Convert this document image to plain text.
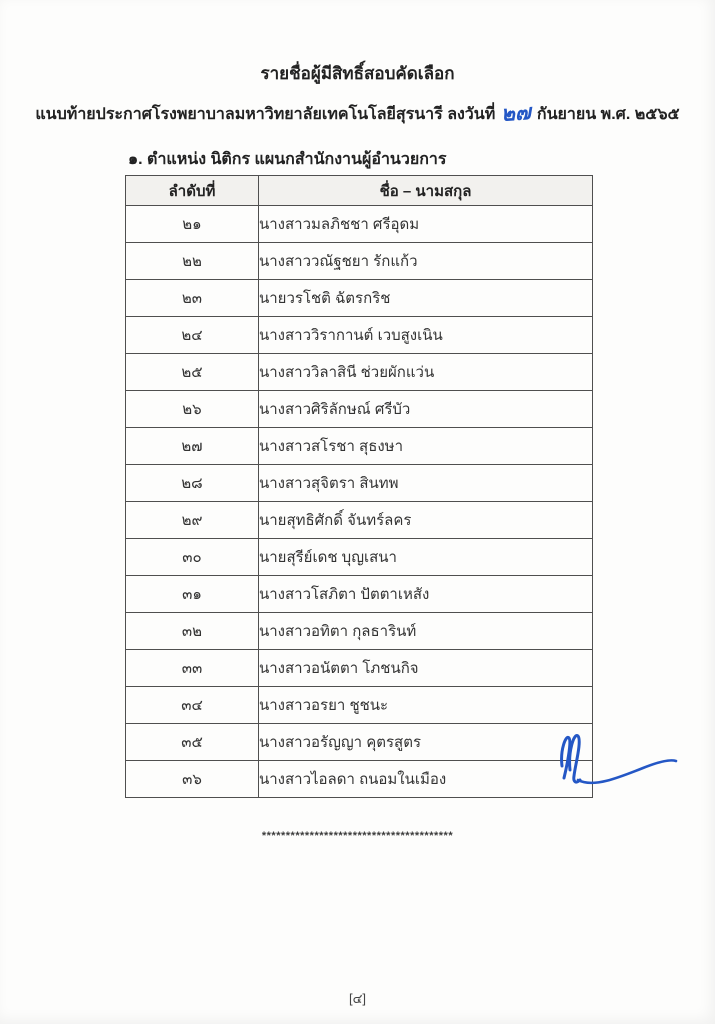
รายชื่อผู้มีสิทธิ์สอบคัดเลือก
แนบท้ายประกาศโรงพยาบาลมหาวิทยาลัยเทคโนโลยีสุรนารี ลงวันที่ ๒๗ กันยายน พ.ศ. ๒๕๖๕
๑. ตำแหน่ง นิติกร แผนกสำนักงานผู้อำนวยการ
ลำดับที่	ชื่อ – นามสกุล
๒๑	นางสาวมลภิชชา ศรีอุดม
๒๒	นางสาววณัฐชยา รักแก้ว
๒๓	นายวรโชติ ฉัตรกริช
๒๔	นางสาววิรากานต์ เวบสูงเนิน
๒๕	นางสาววิลาสินี ช่วยผักแว่น
๒๖	นางสาวศิริลักษณ์ ศรีบัว
๒๗	นางสาวสโรชา สุธงษา
๒๘	นางสาวสุจิตรา สินทพ
๒๙	นายสุทธิศักดิ์ จันทร์ลคร
๓๐	นายสุรีย์เดช บุญเสนา
๓๑	นางสาวโสภิตา ปัตตาเหสัง
๓๒	นางสาวอทิตา กุลธารินท์
๓๓	นางสาวอนัตตา โภชนกิจ
๓๔	นางสาวอรยา ชูชนะ
๓๕	นางสาวอรัญญา คุตรสูตร
๓๖	นางสาวไอลดา ถนอมในเมือง
****************************************
[๔]
